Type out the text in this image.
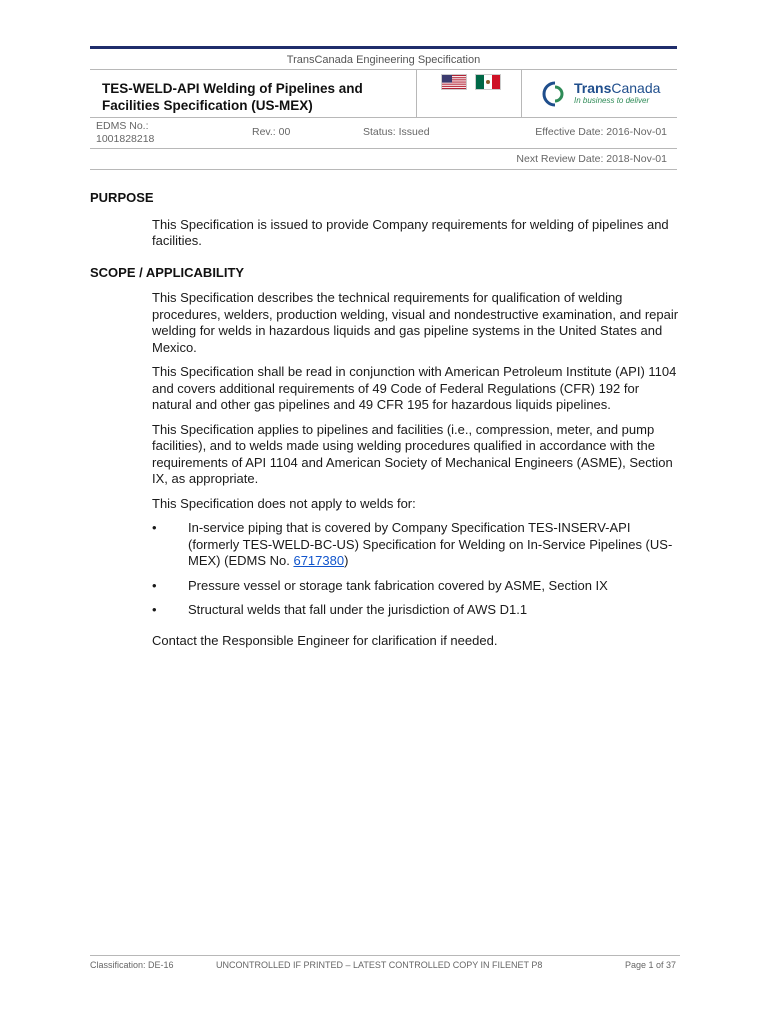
TransCanada Engineering Specification
TES-WELD-API Welding of Pipelines and Facilities Specification (US-MEX)
TransCanada
In business to deliver
EDMS No.:
1001828218
Rev.: 00	Status: Issued	Effective Date: 2016-Nov-01
Next Review Date: 2018-Nov-01
PURPOSE

This Specification is issued to provide Company requirements for welding of pipelines and facilities.

SCOPE / APPLICABILITY

This Specification describes the technical requirements for qualification of welding procedures, welders, production welding, visual and nondestructive examination, and repair welding for welds in hazardous liquids and gas pipeline systems in the United States and Mexico.

This Specification shall be read in conjunction with American Petroleum Institute (API) 1104 and covers additional requirements of 49 Code of Federal Regulations (CFR) 192 for natural and other gas pipelines and 49 CFR 195 for hazardous liquids pipelines.

This Specification applies to pipelines and facilities (i.e., compression, meter, and pump facilities), and to welds made using welding procedures qualified in accordance with the requirements of API 1104 and American Society of Mechanical Engineers (ASME), Section IX, as appropriate.

This Specification does not apply to welds for:

• In-service piping that is covered by Company Specification TES-INSERV-API (formerly TES-WELD-BC-US) Specification for Welding on In-Service Pipelines (US-MEX) (EDMS No. 6717380)
• Pressure vessel or storage tank fabrication covered by ASME, Section IX
• Structural welds that fall under the jurisdiction of AWS D1.1

Contact the Responsible Engineer for clarification if needed.

Classification: DE-16	UNCONTROLLED IF PRINTED – LATEST CONTROLLED COPY IN FILENET P8	Page 1 of 37
